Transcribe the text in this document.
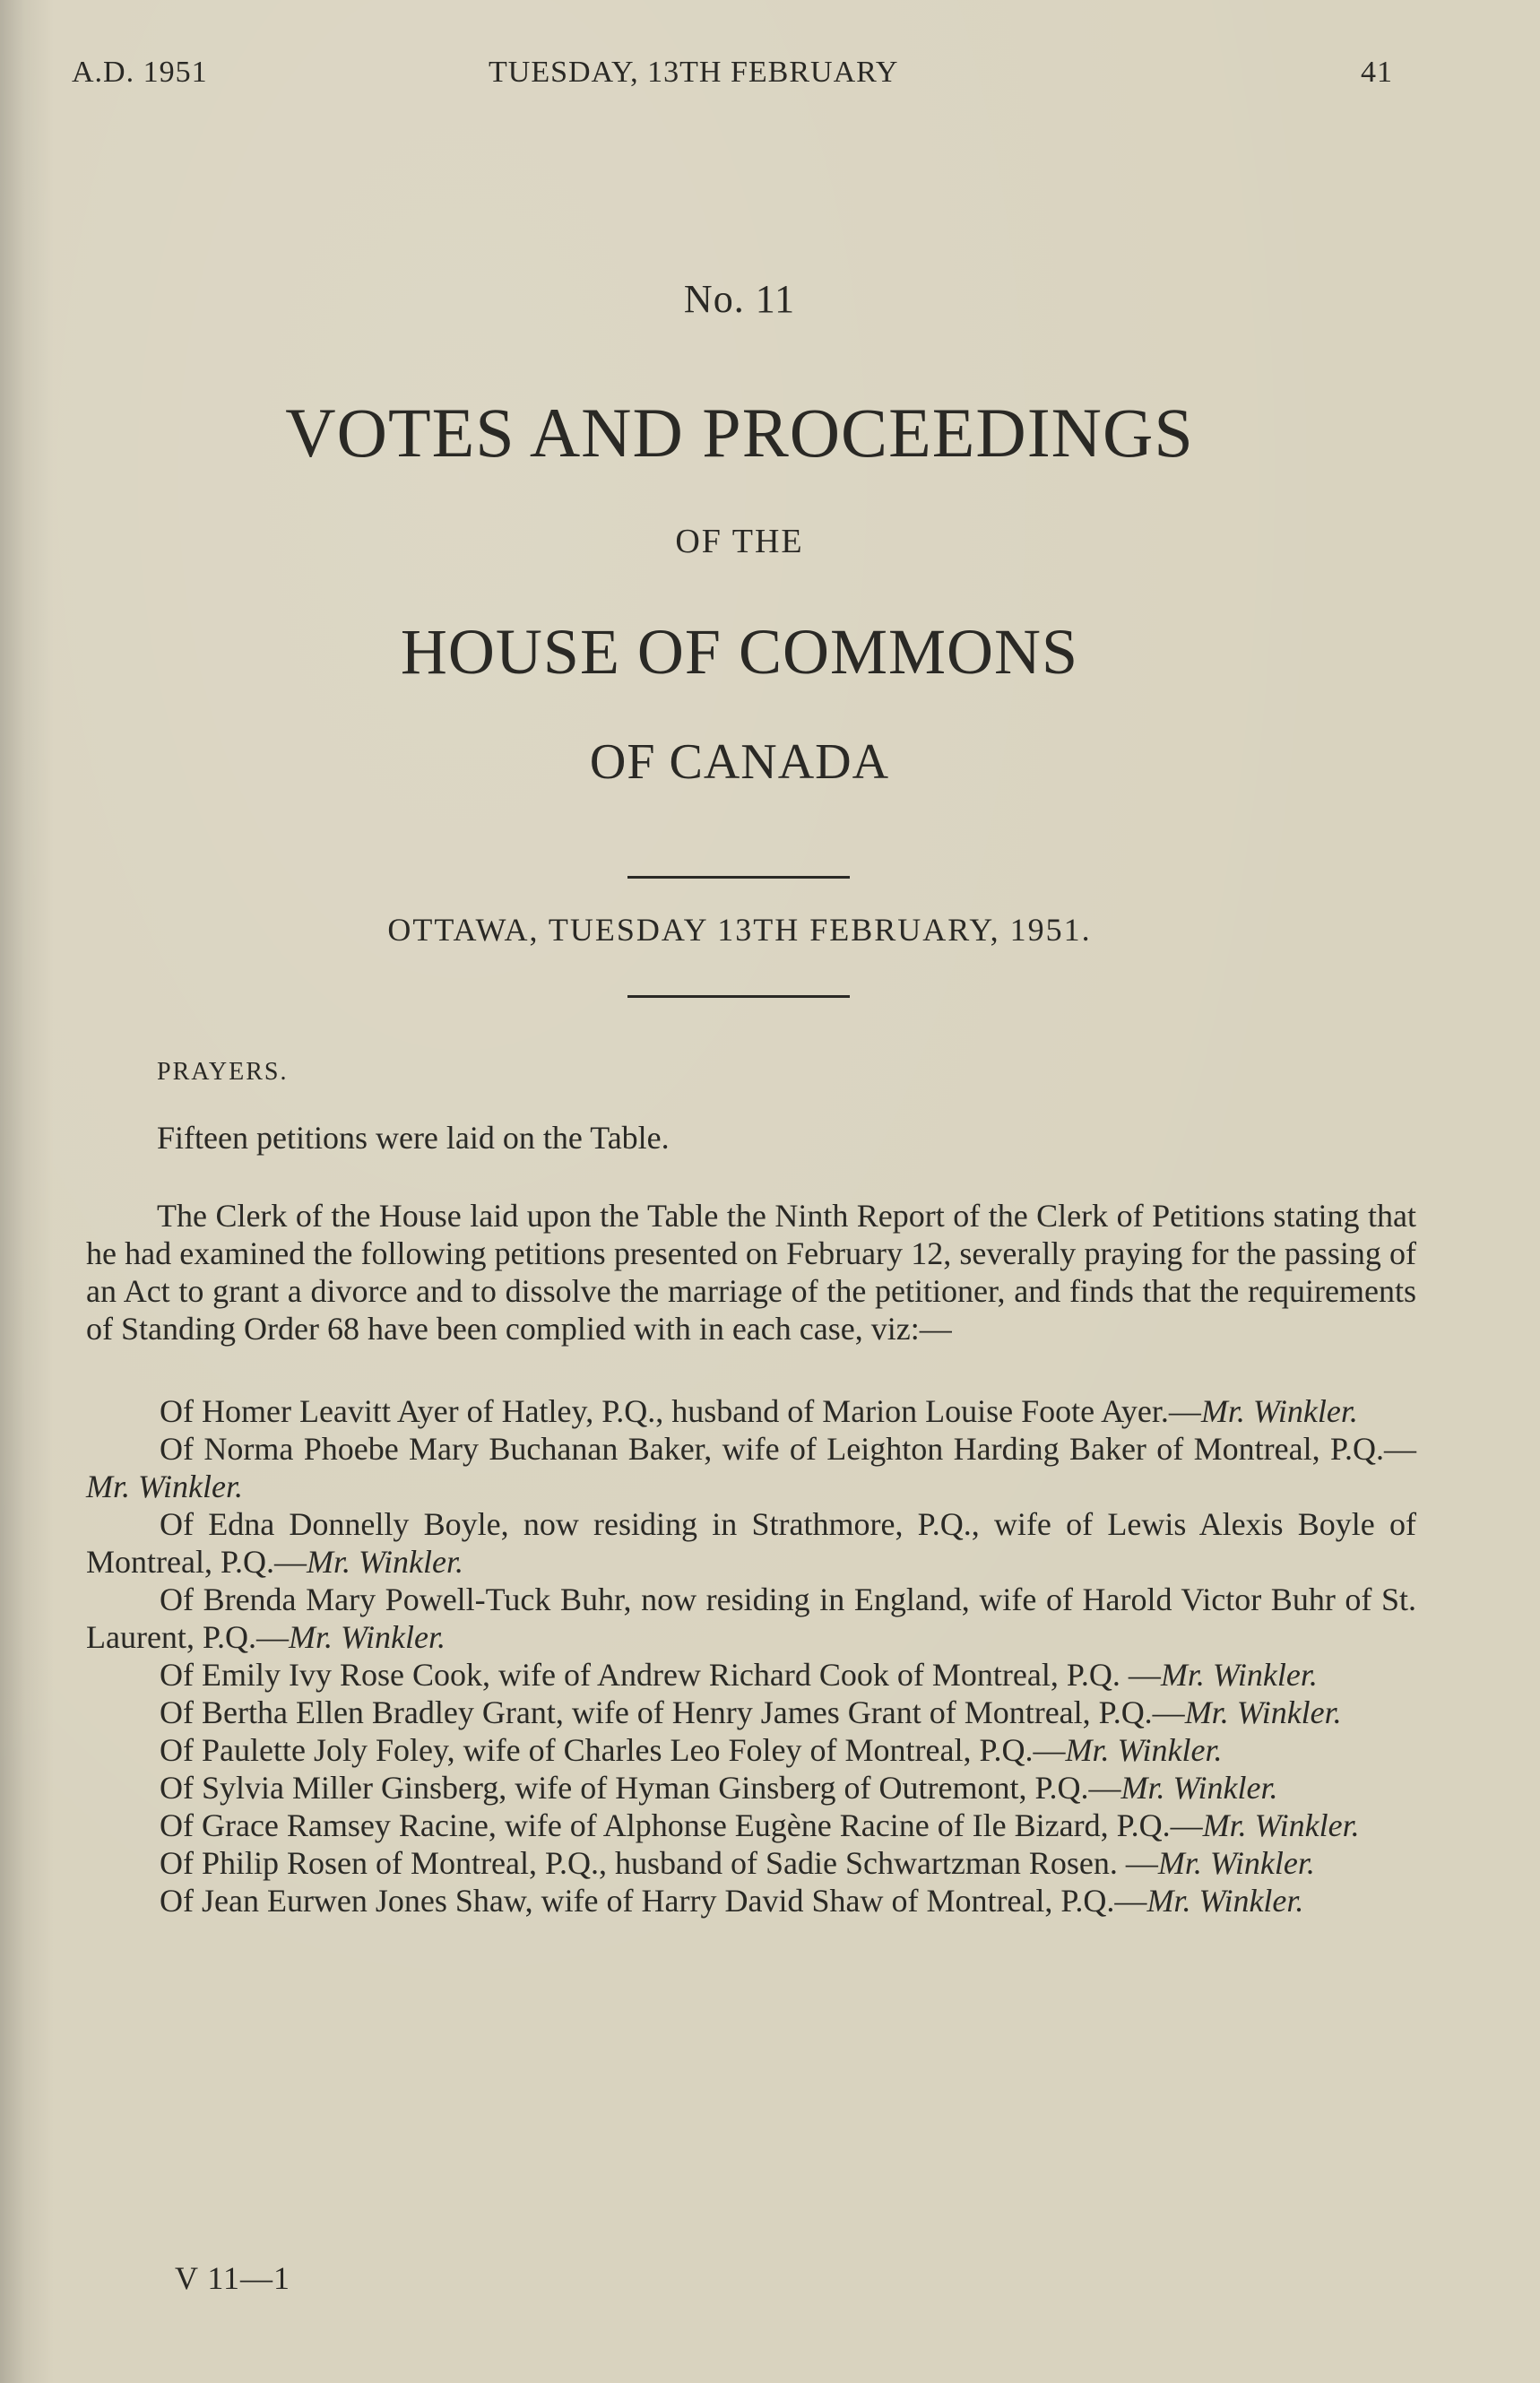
A.D. 1951	TUESDAY, 13TH FEBRUARY	41
No. 11
VOTES AND PROCEEDINGS
OF THE
HOUSE OF COMMONS
OF CANADA
OTTAWA, TUESDAY 13TH FEBRUARY, 1951.
PRAYERS.
Fifteen petitions were laid on the Table.
The Clerk of the House laid upon the Table the Ninth Report of the Clerk of Petitions stating that he had examined the following petitions presented on February 12, severally praying for the passing of an Act to grant a divorce and to dissolve the marriage of the petitioner, and finds that the requirements of Standing Order 68 have been complied with in each case, viz:—
Of Homer Leavitt Ayer of Hatley, P.Q., husband of Marion Louise Foote Ayer.—Mr. Winkler.
Of Norma Phoebe Mary Buchanan Baker, wife of Leighton Harding Baker of Montreal, P.Q.—Mr. Winkler.
Of Edna Donnelly Boyle, now residing in Strathmore, P.Q., wife of Lewis Alexis Boyle of Montreal, P.Q.—Mr. Winkler.
Of Brenda Mary Powell-Tuck Buhr, now residing in England, wife of Harold Victor Buhr of St. Laurent, P.Q.—Mr. Winkler.
Of Emily Ivy Rose Cook, wife of Andrew Richard Cook of Montreal, P.Q. —Mr. Winkler.
Of Bertha Ellen Bradley Grant, wife of Henry James Grant of Montreal, P.Q.—Mr. Winkler.
Of Paulette Joly Foley, wife of Charles Leo Foley of Montreal, P.Q.—Mr. Winkler.
Of Sylvia Miller Ginsberg, wife of Hyman Ginsberg of Outremont, P.Q.—Mr. Winkler.
Of Grace Ramsey Racine, wife of Alphonse Eugène Racine of Ile Bizard, P.Q.—Mr. Winkler.
Of Philip Rosen of Montreal, P.Q., husband of Sadie Schwartzman Rosen. —Mr. Winkler.
Of Jean Eurwen Jones Shaw, wife of Harry David Shaw of Montreal, P.Q.—Mr. Winkler.
V 11—1
